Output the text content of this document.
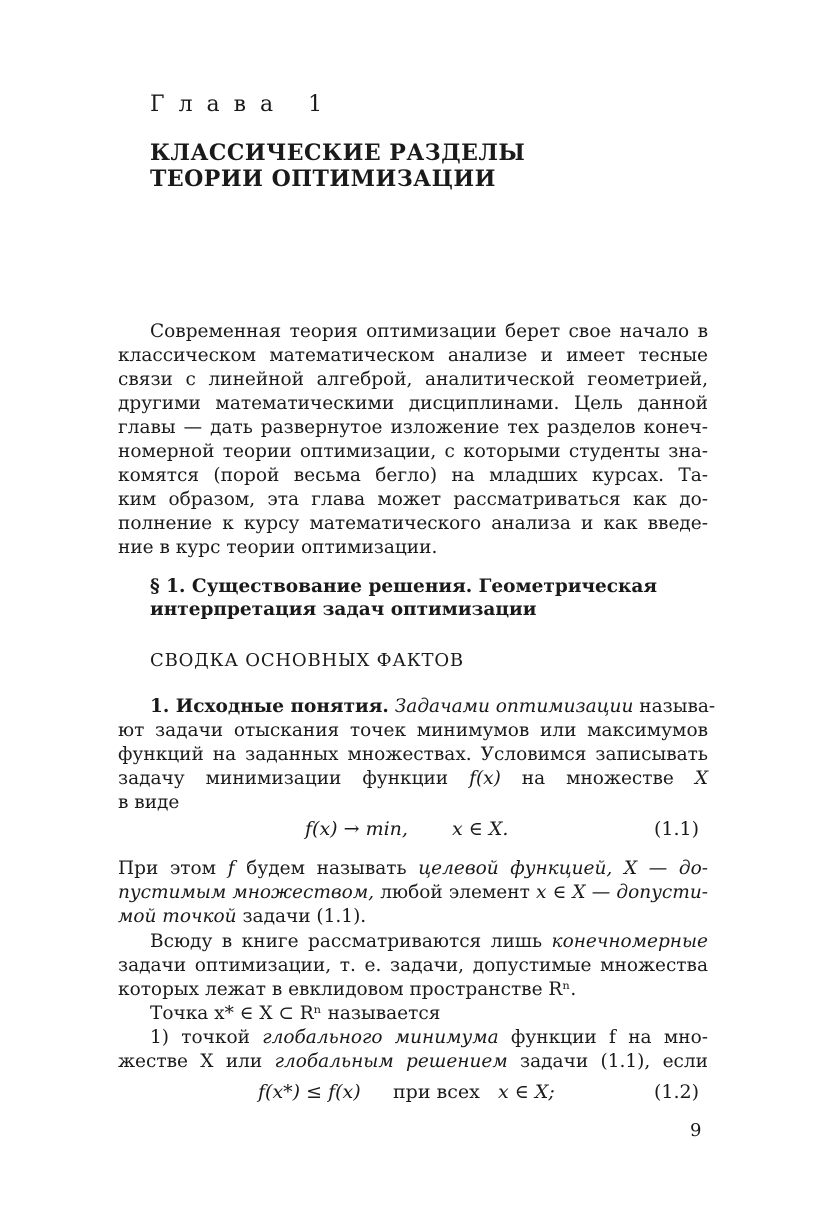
Глава 1
КЛАССИЧЕСКИЕ РАЗДЕЛЫ
ТЕОРИИ ОПТИМИЗАЦИИ
Современная теория оптимизации берет свое начало в
классическом математическом анализе и имеет тесные
связи с линейной алгеброй, аналитической геометрией,
другими математическими дисциплинами. Цель данной
главы — дать развернутое изложение тех разделов конеч-
номерной теории оптимизации, с которыми студенты зна-
комятся (порой весьма бегло) на младших курсах. Та-
ким образом, эта глава может рассматриваться как до-
полнение к курсу математического анализа и как введе-
ние в курс теории оптимизации.
§ 1. Существование решения. Геометрическая
интерпретация задач оптимизации
СВОДКА ОСНОВНЫХ ФАКТОВ
1. Исходные понятия. Задачами оптимизации называ-
ют задачи отыскания точек минимумов или максимумов
функций на заданных множествах. Условимся записывать
задачу минимизации функции f(x) на множестве X
в виде
f(x) → min, x ∈ X.	(1.1)
При этом f будем называть целевой функцией, X — до-
пустимым множеством, любой элемент x ∈ X — допусти-
мой точкой задачи (1.1).
Всюду в книге рассматриваются лишь конечномерные
задачи оптимизации, т. е. задачи, допустимые множества
которых лежат в евклидовом пространстве Rⁿ.
Точка x* ∈ X ⊂ Rⁿ называется
1) точкой глобального минимума функции f на мно-
жестве X или глобальным решением задачи (1.1), если
f(x*) ≤ f(x) при всех x ∈ X;	(1.2)
9
